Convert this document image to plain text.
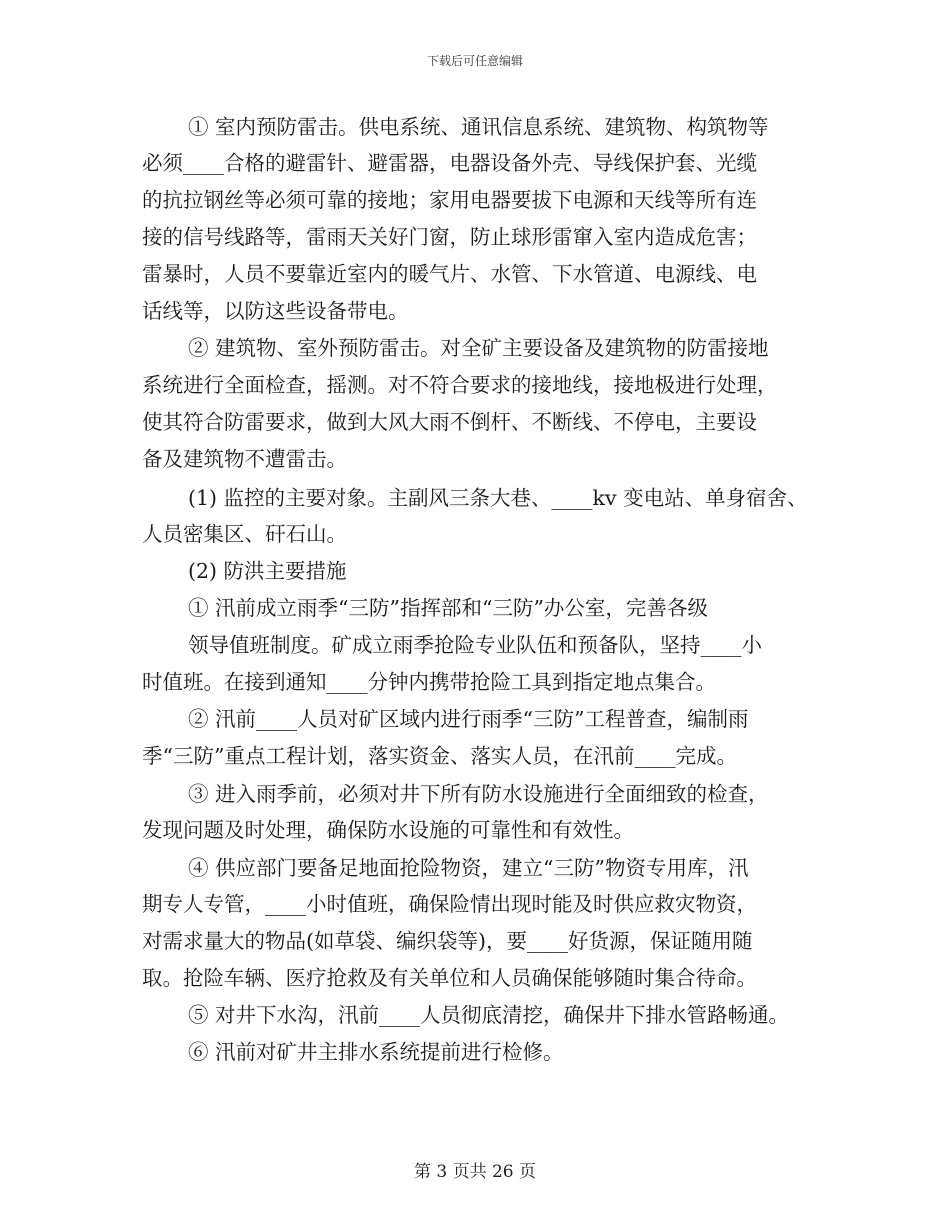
下载后可任意编辑
① 室内预防雷击。供电系统、通讯信息系统、建筑物、构筑物等
必须____合格的避雷针、避雷器，电器设备外壳、导线保护套、光缆
的抗拉钢丝等必须可靠的接地；家用电器要拔下电源和天线等所有连
接的信号线路等，雷雨天关好门窗，防止球形雷窜入室内造成危害；
雷暴时，人员不要靠近室内的暖气片、水管、下水管道、电源线、电
话线等，以防这些设备带电。
② 建筑物、室外预防雷击。对全矿主要设备及建筑物的防雷接地
系统进行全面检查，摇测。对不符合要求的接地线，接地极进行处理，
使其符合防雷要求，做到大风大雨不倒杆、不断线、不停电，主要设
备及建筑物不遭雷击。
(1) 监控的主要对象。主副风三条大巷、____kv 变电站、单身宿舍、
人员密集区、矸石山。
(2) 防洪主要措施
① 汛前成立雨季“三防”指挥部和“三防”办公室，完善各级
领导值班制度。矿成立雨季抢险专业队伍和预备队，坚持____小
时值班。在接到通知____分钟内携带抢险工具到指定地点集合。
② 汛前____人员对矿区域内进行雨季“三防”工程普查，编制雨
季“三防”重点工程计划，落实资金、落实人员，在汛前____完成。
③ 进入雨季前，必须对井下所有防水设施进行全面细致的检查，
发现问题及时处理，确保防水设施的可靠性和有效性。
④ 供应部门要备足地面抢险物资，建立“三防”物资专用库，汛
期专人专管，____小时值班，确保险情出现时能及时供应救灾物资，
对需求量大的物品(如草袋、编织袋等)，要____好货源，保证随用随
取。抢险车辆、医疗抢救及有关单位和人员确保能够随时集合待命。
⑤ 对井下水沟，汛前____人员彻底清挖，确保井下排水管路畅通。
⑥ 汛前对矿井主排水系统提前进行检修。
第 3 页共 26 页
